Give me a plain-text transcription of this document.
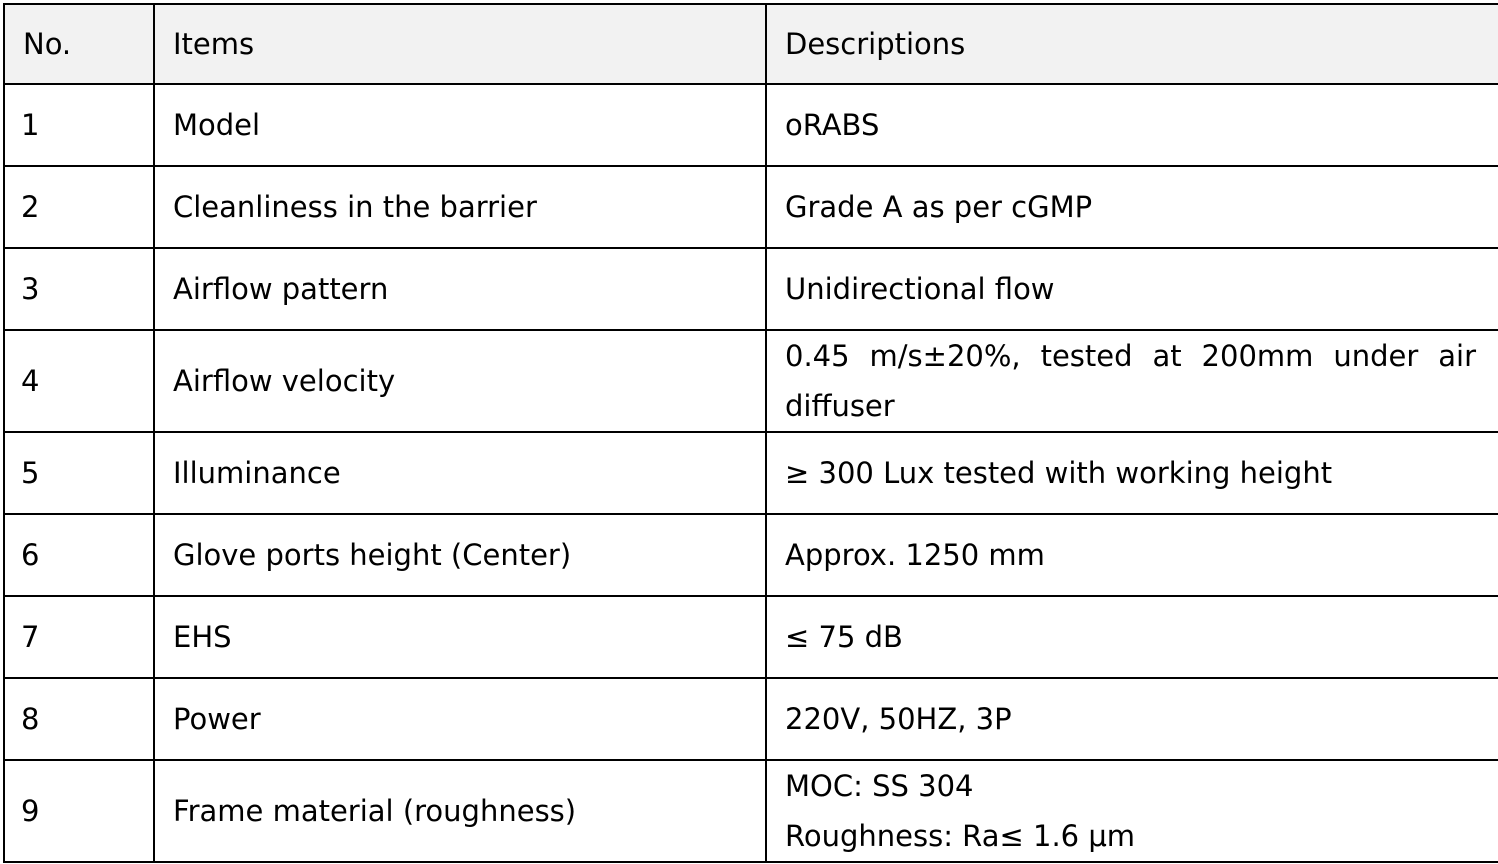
No.	Items	Descriptions
1	Model	oRABS

2	Cleanliness in the barrier	Grade A as per cGMP

3	Airflow pattern	Unidirectional flow

4	Airflow velocity	0.45 m/s±20%, tested at 200mm under air diffuser
5	Illuminance	≥ 300 Lux tested with working height

6	Glove ports height (Center)	Approx. 1250 mm

7	EHS	≤ 75 dB

8	Power	220V, 50HZ, 3P

9	Frame material (roughness)	MOC: SS 304
Roughness: Ra≤ 1.6 μm
